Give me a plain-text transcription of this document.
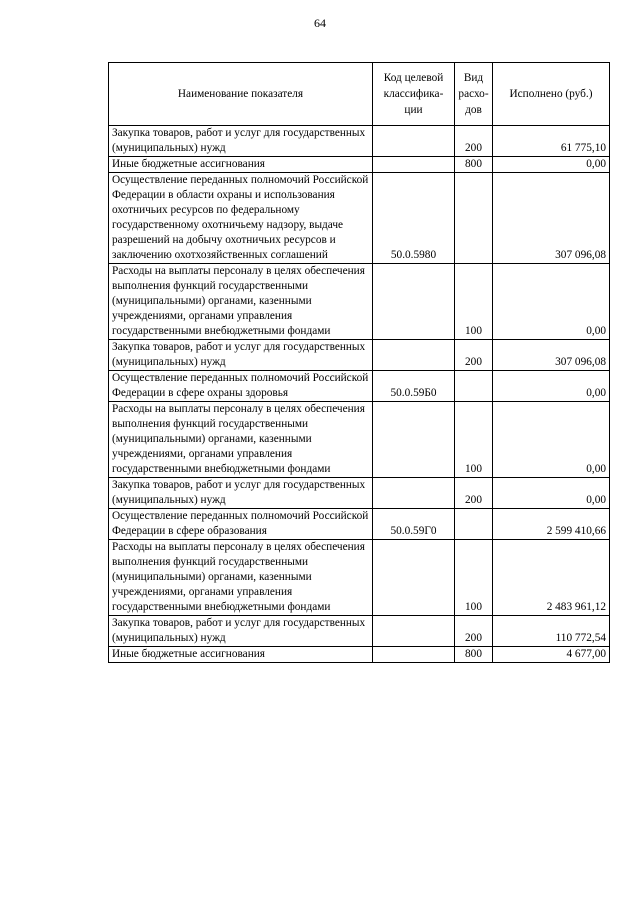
64
Наименование показателя	Код целевой классифика-ции	Вид расхо-дов	Исполнено (руб.)
Закупка товаров, работ и услуг для государственных (муниципальных) нужд		200	61 775,10
Иные бюджетные ассигнования		800	0,00
Осуществление переданных полномочий Российской Федерации в области охраны и использования охотничьих ресурсов по федеральному государственному охотничьему надзору, выдаче разрешений на добычу охотничьих ресурсов и заключению охотхозяйственных соглашений	50.0.5980		307 096,08
Расходы на выплаты персоналу в целях обеспечения выполнения функций государственными (муниципальными) органами, казенными учреждениями, органами управления государственными внебюджетными фондами		100	0,00
Закупка товаров, работ и услуг для государственных (муниципальных) нужд		200	307 096,08
Осуществление переданных полномочий Российской Федерации в сфере охраны здоровья	50.0.59Б0		0,00
Расходы на выплаты персоналу в целях обеспечения выполнения функций государственными (муниципальными) органами, казенными учреждениями, органами управления государственными внебюджетными фондами		100	0,00
Закупка товаров, работ и услуг для государственных (муниципальных) нужд		200	0,00
Осуществление переданных полномочий Российской Федерации в сфере образования	50.0.59Г0		2 599 410,66
Расходы на выплаты персоналу в целях обеспечения выполнения функций государственными (муниципальными) органами, казенными учреждениями, органами управления государственными внебюджетными фондами		100	2 483 961,12
Закупка товаров, работ и услуг для государственных (муниципальных) нужд		200	110 772,54
Иные бюджетные ассигнования		800	4 677,00
